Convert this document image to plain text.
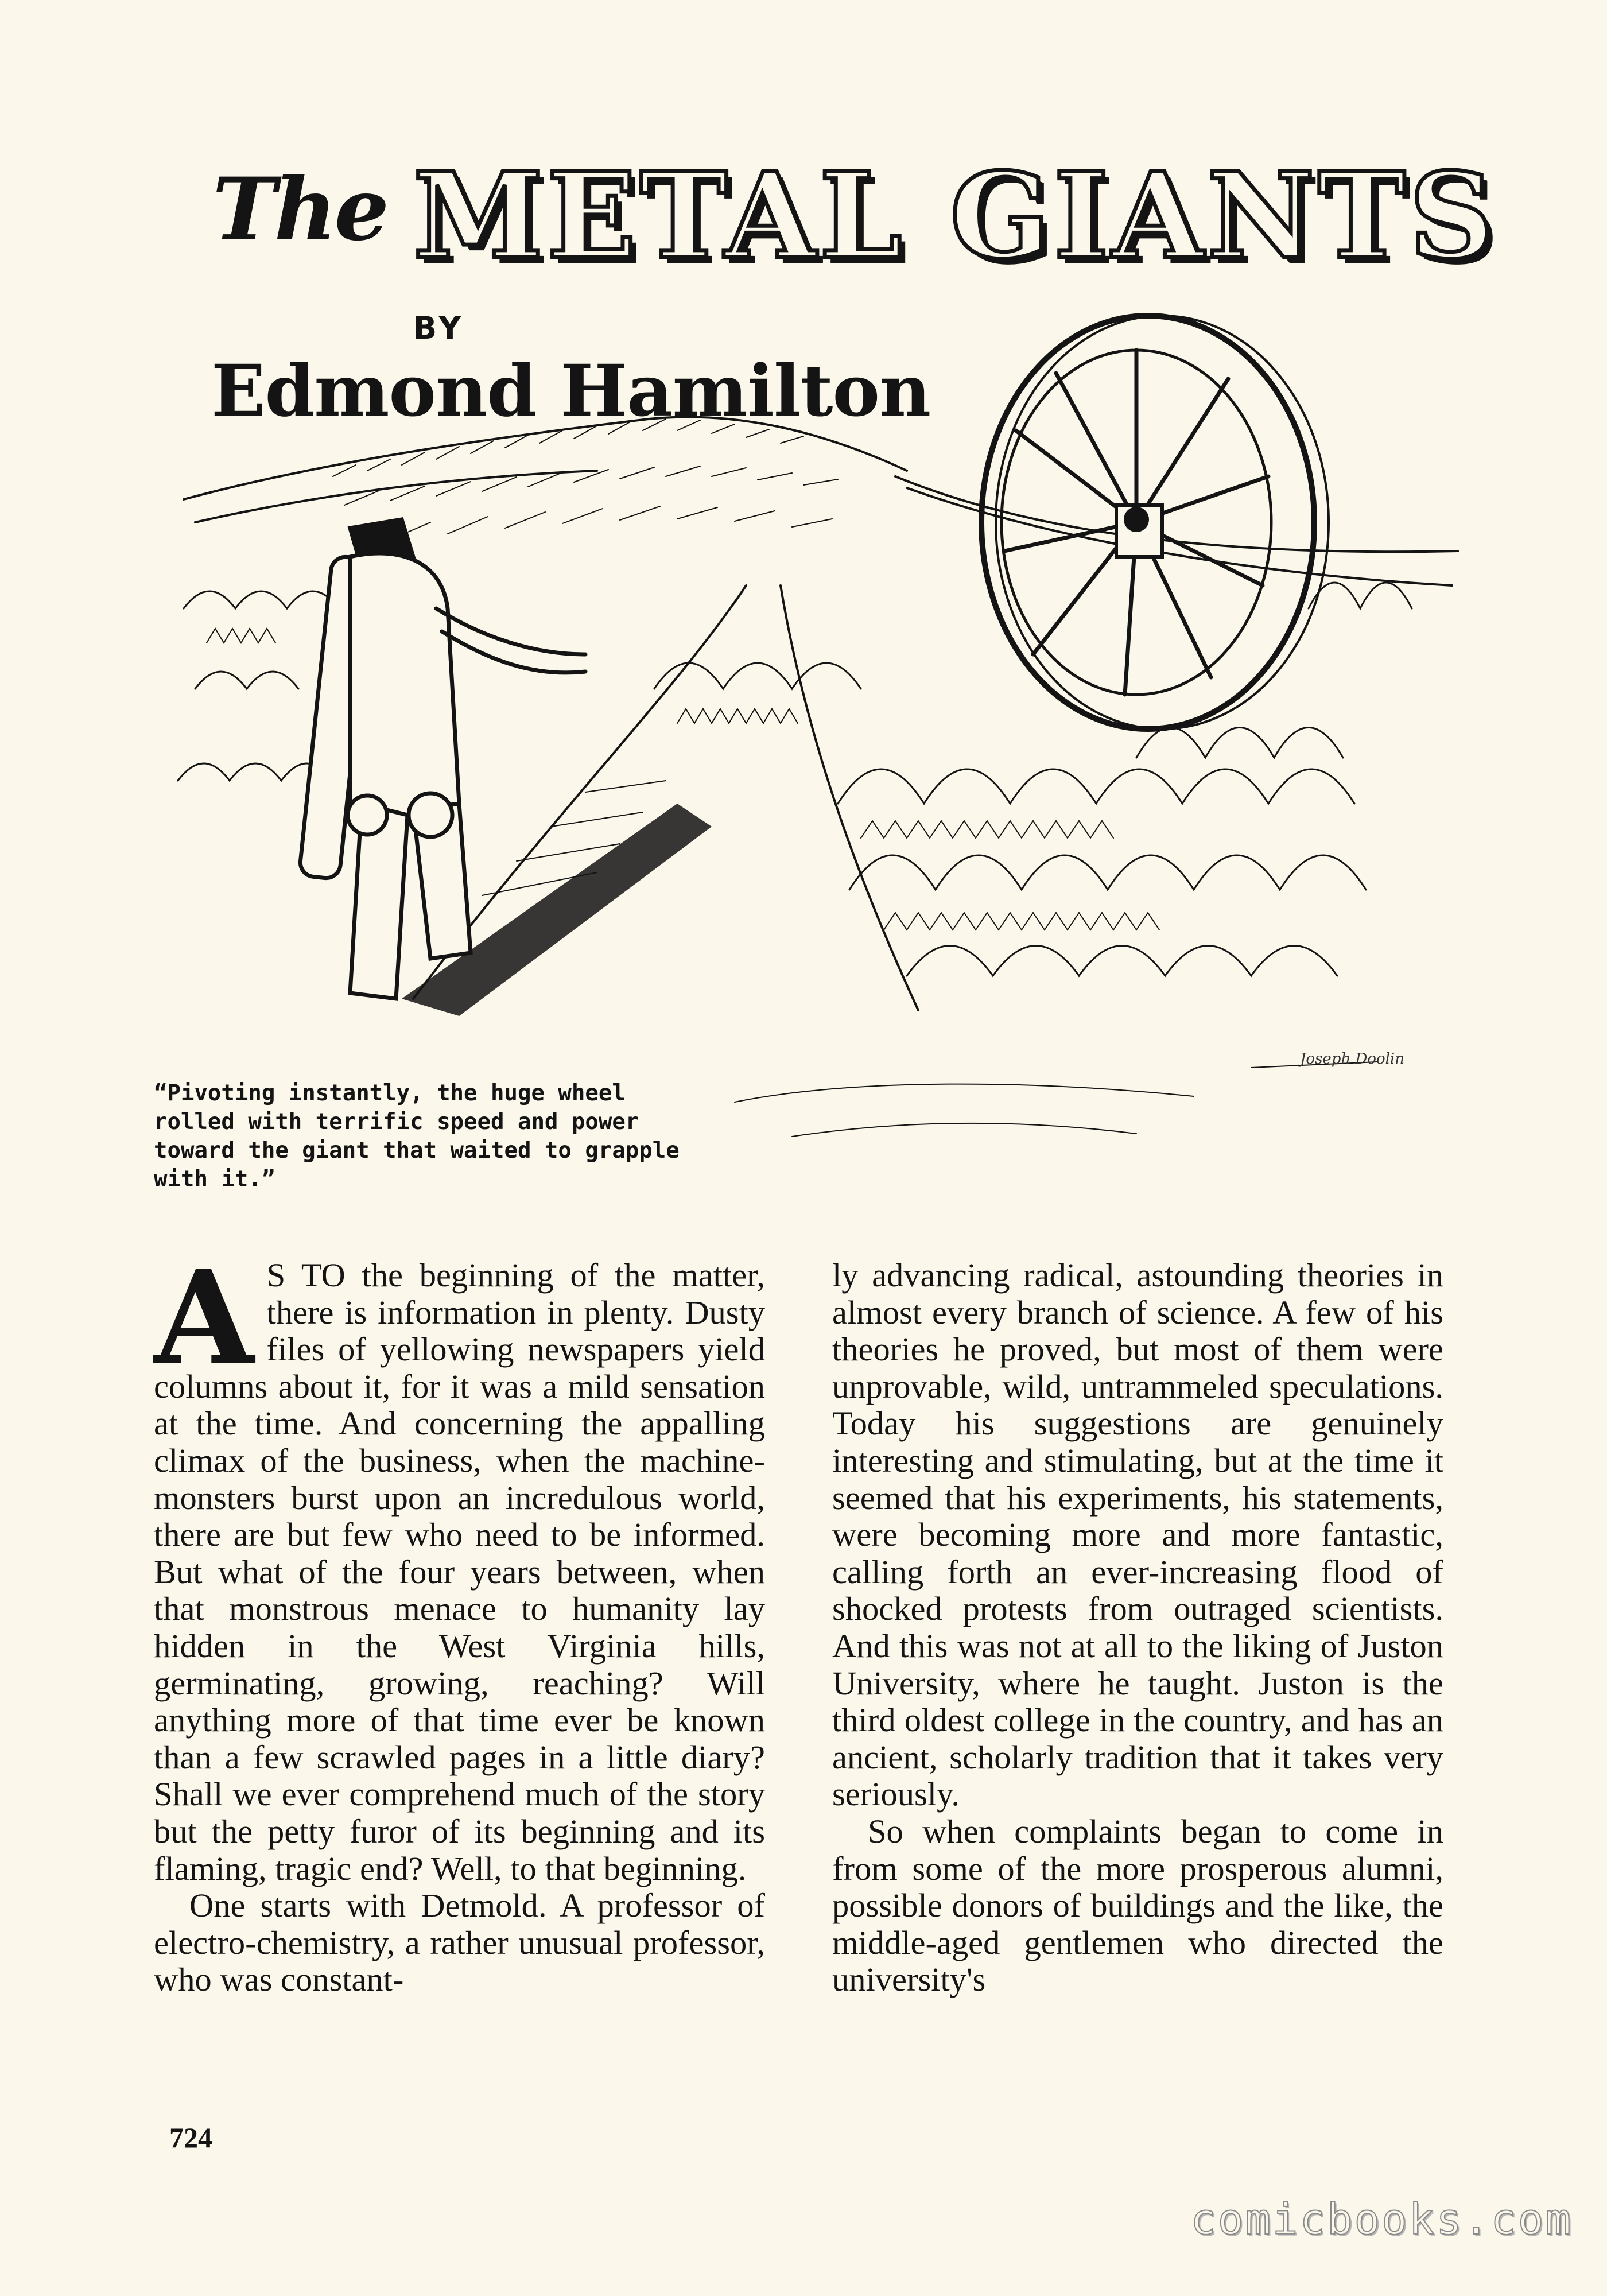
The METAL GIANTS
BY
Edmond Hamilton
Joseph Doolin
“Pivoting instantly, the huge wheel rolled with terrific speed and power toward the giant that waited to grapple with it.”

A S TO the beginning of the matter, there is information in plenty. Dusty files of yellowing newspapers yield columns about it, for it was a mild sensation at the time. And concerning the appalling climax of the business, when the machine-monsters burst upon an incredulous world, there are but few who need to be informed. But what of the four years between, when that monstrous menace to humanity lay hidden in the West Virginia hills, germinating, growing, reaching? Will anything more of that time ever be known than a few scrawled pages in a little diary? Shall we ever comprehend much of the story but the petty furor of its beginning and its flaming, tragic end? Well, to that beginning.

One starts with Detmold. A professor of electro-chemistry, a rather unusual professor, who was constant-

ly advancing radical, astounding theories in almost every branch of science. A few of his theories he proved, but most of them were unprovable, wild, untrammeled speculations. Today his suggestions are genuinely interesting and stimulating, but at the time it seemed that his experiments, his statements, were becoming more and more fantastic, calling forth an ever-increasing flood of shocked protests from outraged scientists. And this was not at all to the liking of Juston University, where he taught. Juston is the third oldest college in the country, and has an ancient, scholarly tradition that it takes very seriously.

So when complaints began to come in from some of the more prosperous alumni, possible donors of buildings and the like, the middle-aged gentlemen who directed the university's

724
comicbooks.com
